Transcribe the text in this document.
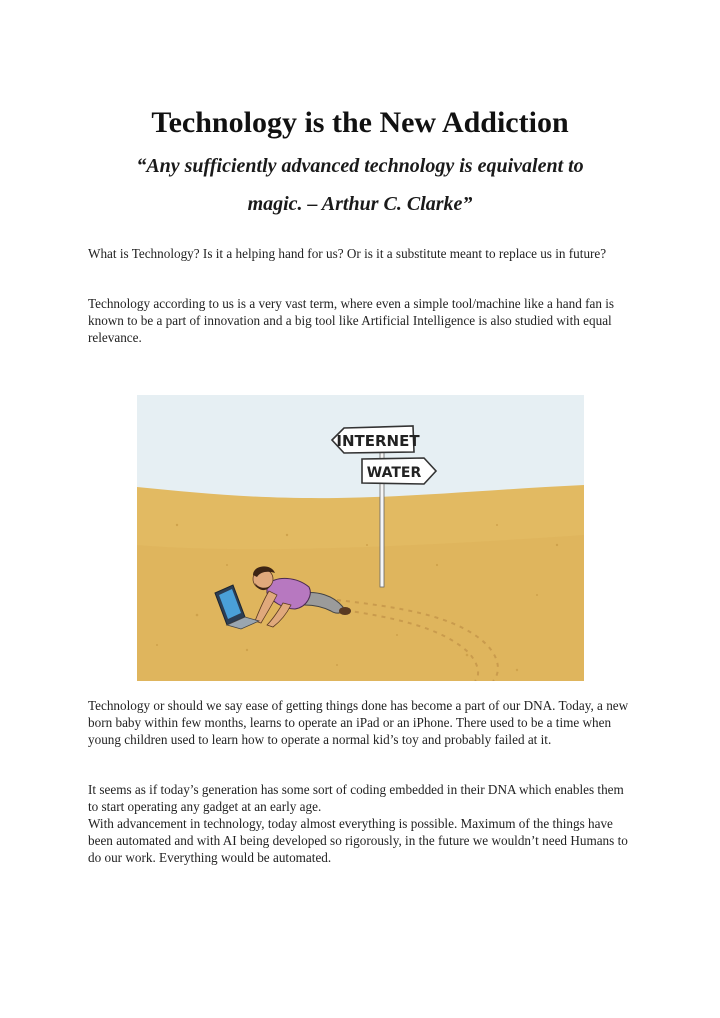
Technology is the New Addiction
“Any sufficiently advanced technology is equivalent to
magic. – Arthur C. Clarke”

What is Technology? Is it a helping hand for us? Or is it a substitute meant to replace us in future?

Technology according to us is a very vast term, where even a simple tool/machine like a hand fan is known to be a part of innovation and a big tool like Artificial Intelligence is also studied with equal relevance.

INTERNET
WATER

Technology or should we say ease of getting things done has become a part of our DNA. Today, a new born baby within few months, learns to operate an iPad or an iPhone. There used to be a time when young children used to learn how to operate a normal kid’s toy and probably failed at it.

It seems as if today’s generation has some sort of coding embedded in their DNA which enables them to start operating any gadget at an early age.
With advancement in technology, today almost everything is possible. Maximum of the things have been automated and with AI being developed so rigorously, in the future we wouldn’t need Humans to do our work. Everything would be automated.
